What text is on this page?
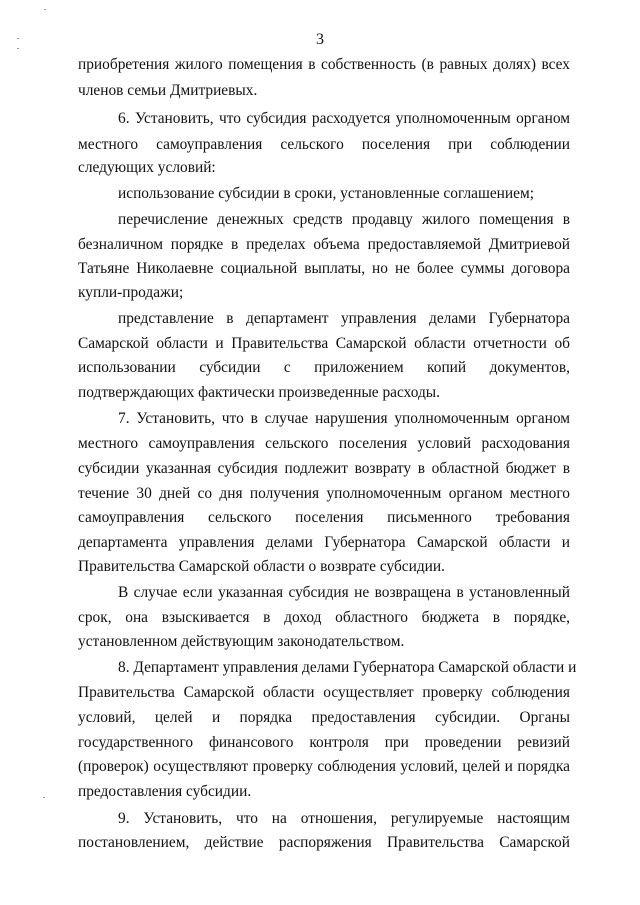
3
приобретения жилого помещения в собственность (в равных долях) всех
членов семьи Дмитриевых.
6. Установить, что субсидия расходуется уполномоченным органом
местного самоуправления сельского поселения при соблюдении
следующих условий:
использование субсидии в сроки, установленные соглашением;
перечисление денежных средств продавцу жилого помещения в
безналичном порядке в пределах объема предоставляемой Дмитриевой
Татьяне Николаевне социальной выплаты, но не более суммы договора
купли-продажи;
представление в департамент управления делами Губернатора
Самарской области и Правительства Самарской области отчетности об
использовании субсидии с приложением копий документов,
подтверждающих фактически произведенные расходы.
7. Установить, что в случае нарушения уполномоченным органом
местного самоуправления сельского поселения условий расходования
субсидии указанная субсидия подлежит возврату в областной бюджет в
течение 30 дней со дня получения уполномоченным органом местного
самоуправления сельского поселения письменного требования
департамента управления делами Губернатора Самарской области и
Правительства Самарской области о возврате субсидии.
В случае если указанная субсидия не возвращена в установленный
срок, она взыскивается в доход областного бюджета в порядке,
установленном действующим законодательством.
8. Департамент управления делами Губернатора Самарской области и
Правительства Самарской области осуществляет проверку соблюдения
условий, целей и порядка предоставления субсидии. Органы
государственного финансового контроля при проведении ревизий
(проверок) осуществляют проверку соблюдения условий, целей и порядка
предоставления субсидии.
9. Установить, что на отношения, регулируемые настоящим
постановлением, действие распоряжения Правительства Самарской
